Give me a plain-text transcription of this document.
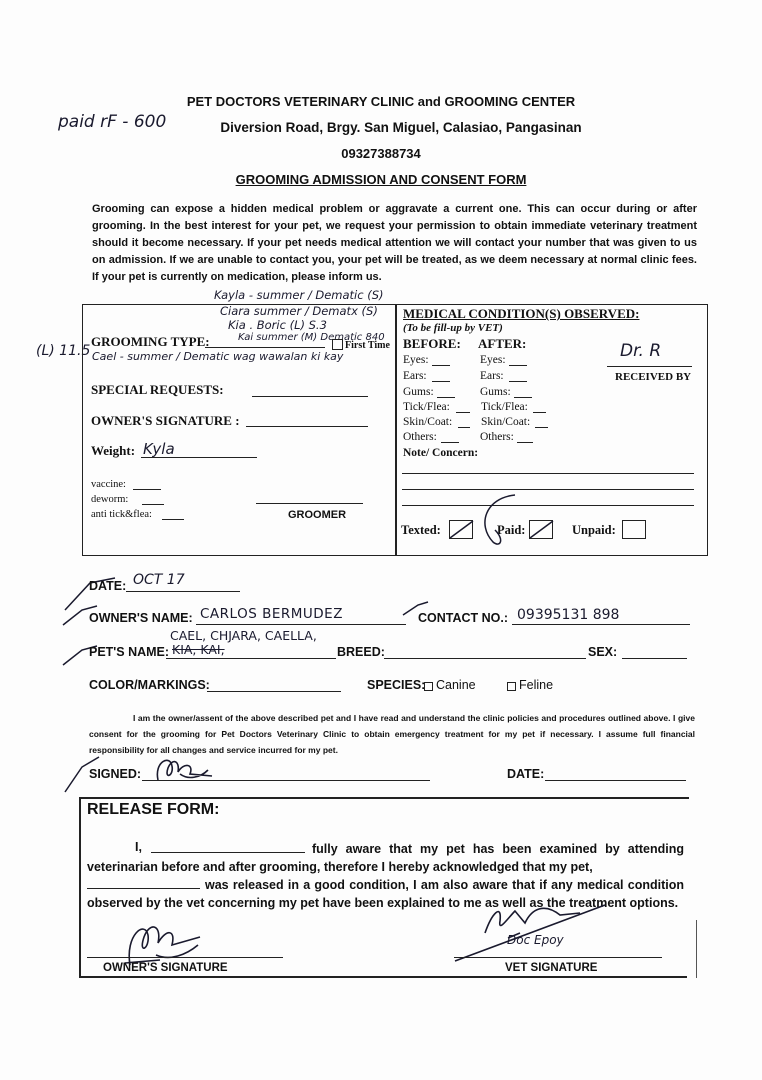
paid rF - 600
PET DOCTORS VETERINARY CLINIC and GROOMING CENTER
Diversion Road, Brgy. San Miguel, Calasiao, Pangasinan
09327388734
GROOMING ADMISSION AND CONSENT FORM
Grooming can expose a hidden medical problem or aggravate a current one. This can occur during or after grooming. In the best interest for your pet, we request your permission to obtain immediate veterinary treatment should it become necessary. If your pet needs medical attention we will contact your number that was given to us on admission. If we are unable to contact you, your pet will be treated, as we deem necessary at normal clinic fees. If your pet is currently on medication, please inform us.
Kayla - summer / Dematic (S)
Ciara summer / Dematx (S)
Kia . Boric (L) S.3
Kai summer (M) Dematic 840
Cael - summer / Dematic wag wawalan ki kay
(L) 11.5
GROOMING TYPE:	First Time
SPECIAL REQUESTS:
OWNER'S SIGNATURE :
Weight: Kyla
vaccine:
deworm:
anti tick&flea:	GROOMER
MEDICAL CONDITION(S) OBSERVED:
(To be fill-up by VET)
BEFORE: AFTER:
Eyes:	Eyes:
Ears:	Ears:
Gums:	Gums:
Tick/Flea:	Tick/Flea:
Skin/Coat:	Skin/Coat:
Others:	Others:
Dr. R
RECEIVED BY
Note/ Concern:
Texted:	Paid:	Unpaid:
DATE: OCT 17
OWNER'S NAME: CARLOS BERMUDEZ	CONTACT NO.: 09395131 898
CAEL, CHJARA, CAELLA,
PET'S NAME: KIA, KAI,	BREED:	SEX:
COLOR/MARKINGS:	SPECIES: Canine	Feline
I am the owner/assent of the above described pet and I have read and understand the clinic policies and procedures outlined above. I give consent for the grooming for Pet Doctors Veterinary Clinic to obtain emergency treatment for my pet if necessary. I assume full financial responsibility for all changes and service incurred for my pet.
SIGNED:	DATE:
RELEASE FORM:
I,	fully aware that my pet has been examined by attending veterinarian before and after grooming, therefore I hereby acknowledged that my pet,
was released in a good condition, I am also aware that if any medical condition observed by the vet concerning my pet have been explained to me as well as the treatment options.
OWNER'S SIGNATURE
Doc Epoy
VET SIGNATURE
